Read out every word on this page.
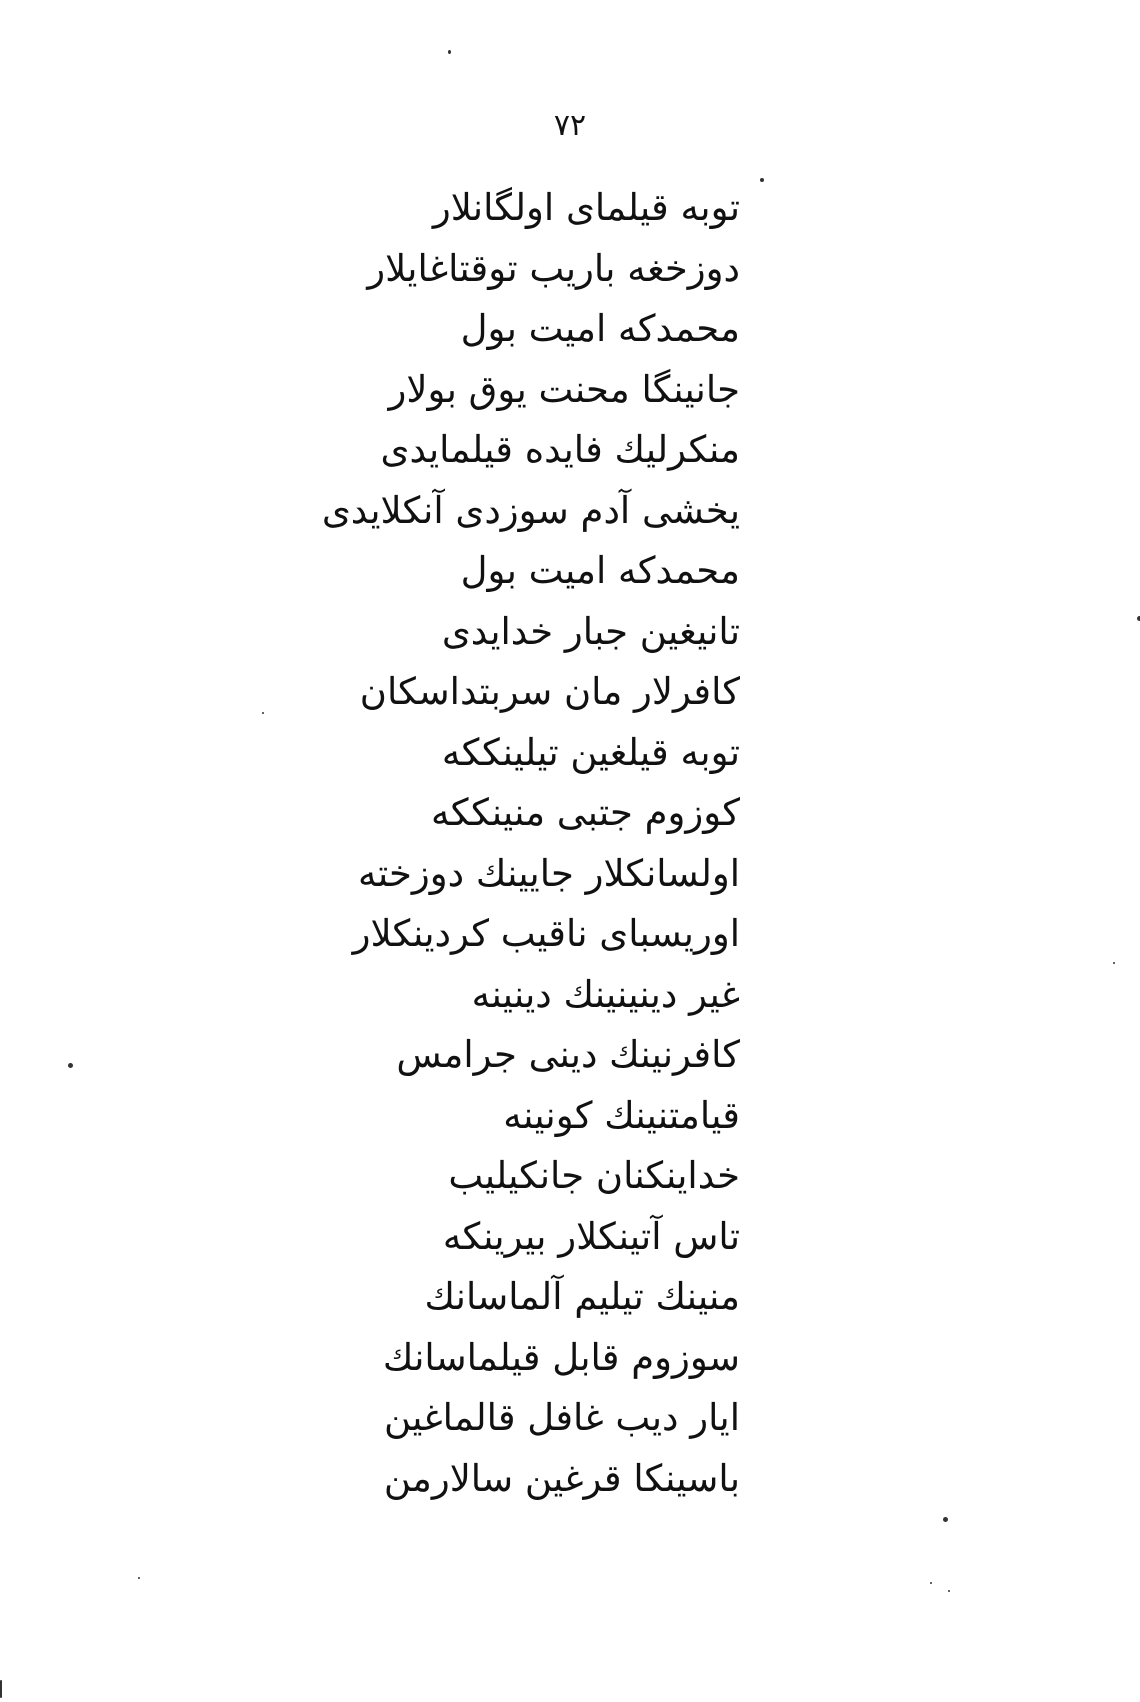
۷۲
توبه قیلمای اولگانلار
دوزخغه باریب توقتاغایلار
محمدکه امیت بول
جانینگا محنت یوق بولار
منکرلیك فایده قیلمایدی
یخشی آدم سوزدی آنکلایدی
محمدکه امیت بول
تانیغین جبار خدایدی
کافرلار مان سربتداسکان
توبه قیلغین تیلینککه
کوزوم جتبی منینککه
اولسانکلار جایینك دوزخته
اوریسبای ناقیب کردینکلار
غیر دینینینك دینینه
کافرنینك دینی جرامس
قیامتنینك کونینه
خداینکنان جانکیلیب
تاس آتینکلار بیرینکه
منینك تیلیم آلماسانك
سوزوم قابل قیلماسانك
ایار دیب غافل قالماغین
باسینکا قرغین سالارمن
